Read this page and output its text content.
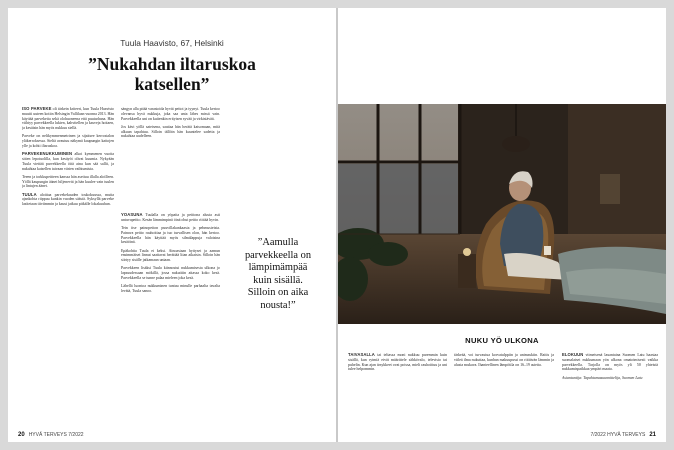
Tuula Haavisto, 67, Helsinki
”Nukahdan iltaruskoa
katsellen”

ISO PARVEKE oli tärkein kriteeri, kun Tuula Haavisto muutti uuteen kotiin Helsingin Vallilaan vuonna 2013. Hän käyttää parveketta sekä olohuoneena että puutarhana. Hän viihtyy parvekkeella lukien, kahvitellen ja kasveja hoitaen, ja kesäisin hän myös nukkuu siellä.

Parveke on nelikymmenmetrinen ja sijaitsee kerrostalon yläkerroksessa. Sieltä avautuu näkymä kaupungin kattojen ylle ja kohti iltaruskoa.

PARVEKENUKKUMINEN alkoi kymmenen vuotta sitten lepotuolilla, kun kesäyöt olivat kuumia. Nykyään Tuula viettää parvekkeella öitä aina kun sää sallii, ja nukahtaa katsellen taivaan värien vaihtumista.

Teeen ja torkkupeitteen kanssa hän asettuu illalla aloilleen. Yöllä kaupungin äänet hiljenevät ja hän kuulee vain tuulen ja lintujen äänet.

TUULA aloittaa parvekekauden toukokuussa, mutta ajankohta riippuu kunkin vuoden säästä. Syksyllä parveke lasitetaan tiiviimmin ja kausi jatkuu pitkälle lokakuuhun.

sängyn alla pitää varastoida hyvät peitot ja tyynyt. Tuula kertoo olevansa hyvä nukkuja, joka saa unta lähes missä vain. Parvekkeella uni on kuitenkin erityisen syvää ja virkistävää.

Jos kävi yöllä sateisena, saattaa hän herätä katsomaan, mitä alkuun tapahtuu. Silloin tällöin hän kuuntelee sadetta ja nukahtaa uudelleen.

YÖASUNA Tuulalla on yöpaita ja peittona alusta asti untuvapeitto. Kesän lämmimpinä öinä ohut peitto riittää hyvin.

Tein itse painopeiton puuvillakankaasta ja pehmusteista. Painava peitto rauhoittaa ja tuo turvallisen olon, hän kertoo. Parvekkeella hän käyttää myös silmälappuja valoisina kesäöinä.

Epäkohtia Tuula ei keksi. Ainoastaan hyttyset ja aamun ensimmäiset linnut saattavat herättää liian aikaisin. Silloin hän siirtyy sisälle jatkamaan uniaan.

Parvekkeen lisäksi Tuula kiinnostui nukkumisesta ulkona jo lapsuudessaan mökillä, jossa nukuttiin aitassa koko kesä. Parvekkeella se tunne palaa mieleen joka kesä.

Lähellä luontoa nukkuminen tuntuu minulle parhaalta tavalta levätä, Tuula sanoo.

”Aamulla
parvekkeella on
lämpimämpää
kuin sisällä.
Silloin on aika
nousta!”
20 HYVÄ TERVEYS 7/2022
NUKU YÖ ULKONA

TAIVASALLA tai teltassa moni nukkuu paremmin kuin sisällä, kun rytmiä eivät määrittele sähkövalo, televisio tai puhelin. Kun ajan ärsykkeet ovat poissa, mieli rauhoittuu ja uni tulee helpommin.

tärkeää, voi turvautua korvatulppiin ja unimaskiin. Raitis ja viileä ilma nukuttaa, kunhan makuupussi on riittävän lämmin ja alusta mukava. Ihanteellinen lämpötila on 16–19 astetta.

ELOKUUN viimeisenä lauantaina Suomen Latu haastaa suomalaiset nukkumaan yön ulkona omatoimisesti vaikka parvekkeella. Tarjolla on myös yli 50 yhteistä nukkumispaikkaa ympäri maata.

Asiantuntija: Tapahtumasuunnittelija, Suomen Latu

7/2022 HYVÄ TERVEYS 21
